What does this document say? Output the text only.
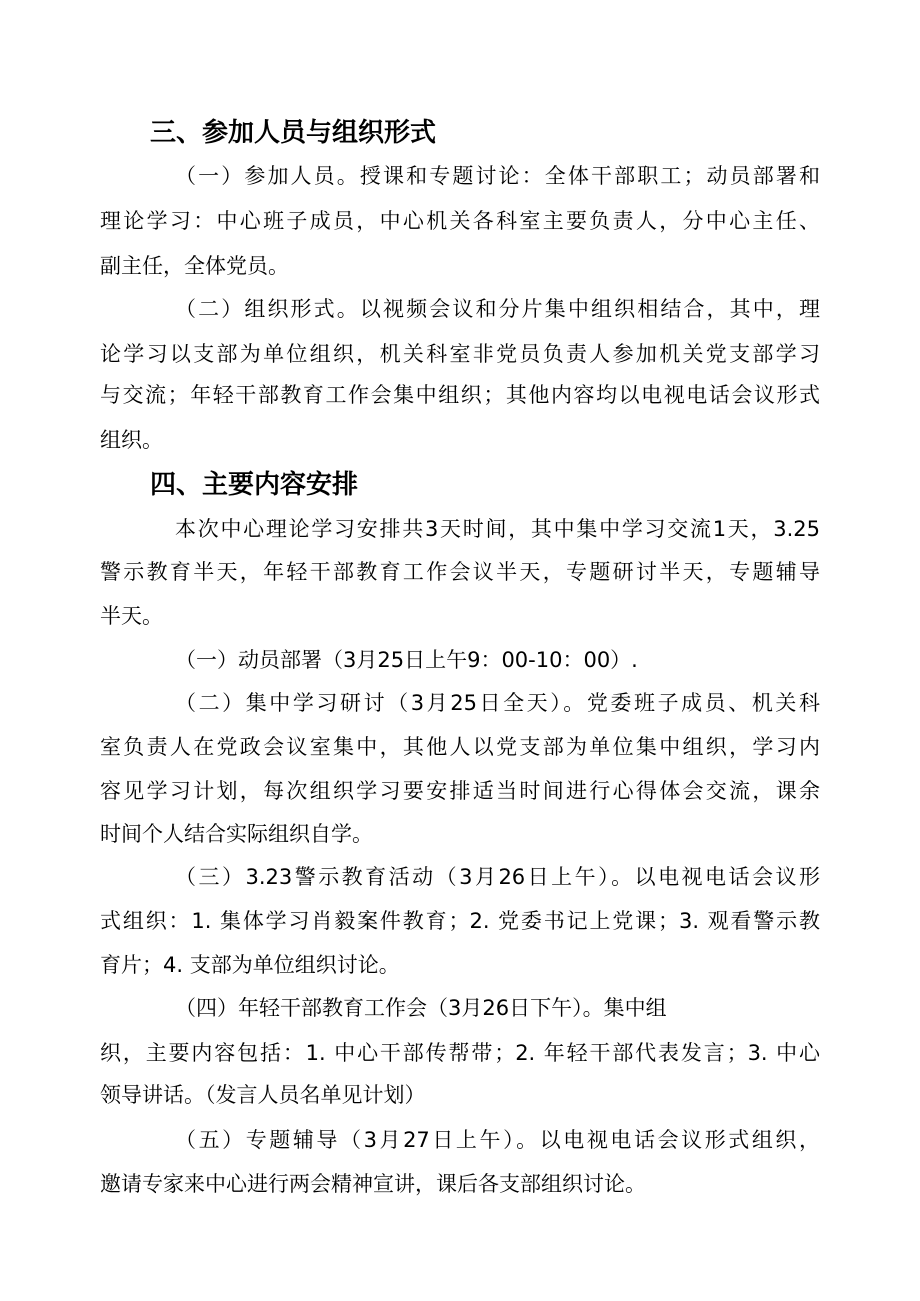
三、参加人员与组织形式
（一）参加人员。授课和专题讨论：全体干部职工；动员部署和
理论学习：中心班子成员，中心机关各科室主要负责人，分中心主任、
副主任，全体党员。
（二）组织形式。以视频会议和分片集中组织相结合，其中，理
论学习以支部为单位组织，机关科室非党员负责人参加机关党支部学习
与交流；年轻干部教育工作会集中组织；其他内容均以电视电话会议形式
组织。
四、主要内容安排
本次中心理论学习安排共3天时间，其中集中学习交流1天，3.25
警示教育半天，年轻干部教育工作会议半天，专题研讨半天，专题辅导
半天。
（一）动员部署（3月25日上午9：00-10：00）.
（二）集中学习研讨（3月25日全天）。党委班子成员、机关科
室负责人在党政会议室集中，其他人以党支部为单位集中组织，学习内
容见学习计划，每次组织学习要安排适当时间进行心得体会交流，课余
时间个人结合实际组织自学。
（三）3.23警示教育活动（3月26日上午）。以电视电话会议形
式组织：1. 集体学习肖毅案件教育；2. 党委书记上党课；3. 观看警示教
育片；4. 支部为单位组织讨论。
（四）年轻干部教育工作会（3月26日下午）。集中组
织，主要内容包括：1. 中心干部传帮带；2. 年轻干部代表发言；3. 中心
领导讲话。（发言人员名单见计划）
（五）专题辅导（3月27日上午）。以电视电话会议形式组织，
邀请专家来中心进行两会精神宣讲，课后各支部组织讨论。
